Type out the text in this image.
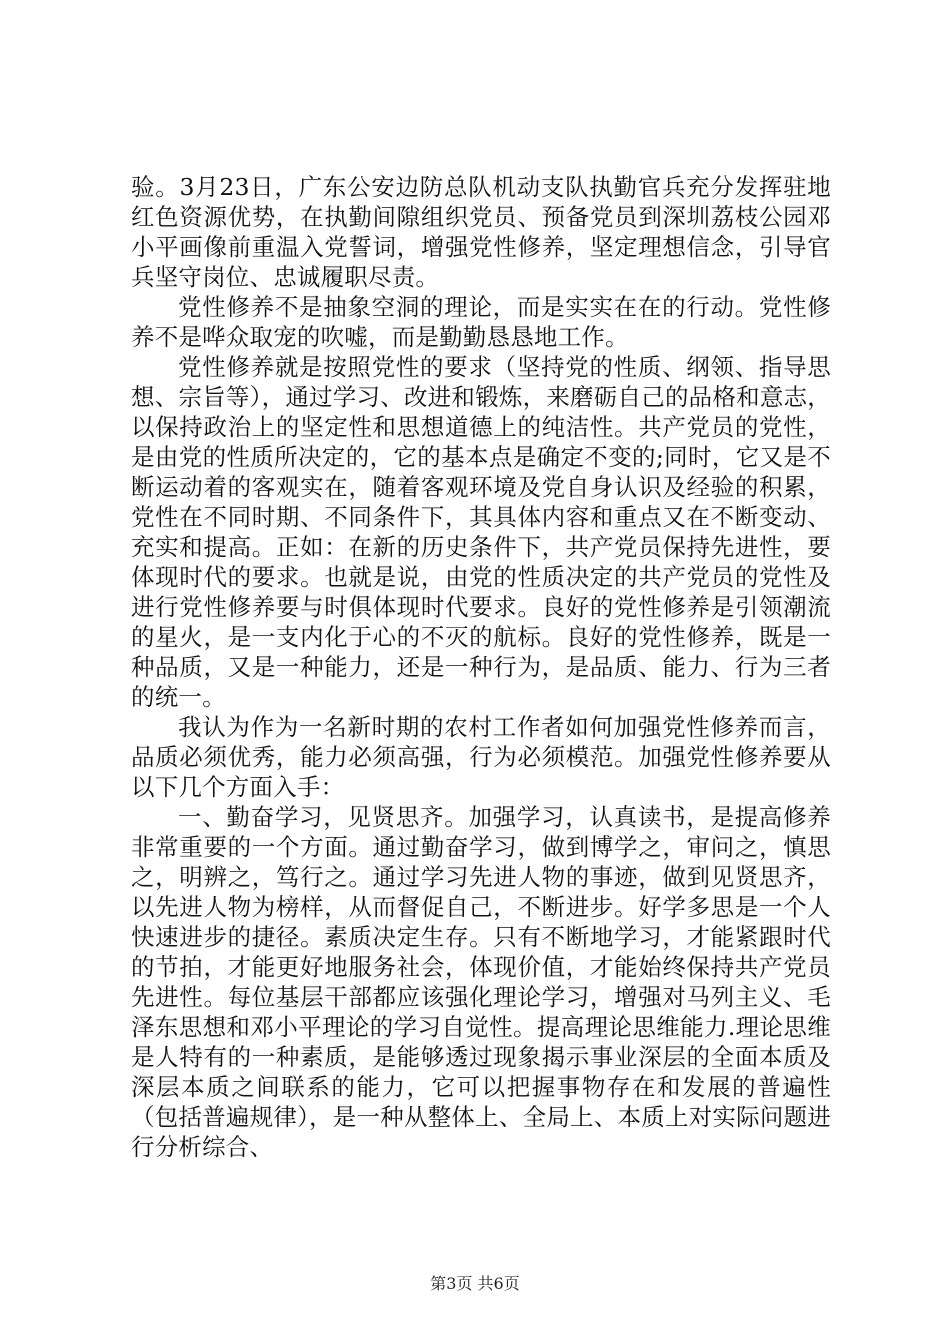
验。3月23日，广东公安边防总队机动支队执勤官兵充分发挥驻地红色资源优势，在执勤间隙组织党员、预备党员到深圳荔枝公园邓小平画像前重温入党誓词，增强党性修养，坚定理想信念，引导官兵坚守岗位、忠诚履职尽责。

党性修养不是抽象空洞的理论，而是实实在在的行动。党性修养不是哗众取宠的吹嘘，而是勤勤恳恳地工作。

党性修养就是按照党性的要求（坚持党的性质、纲领、指导思想、宗旨等），通过学习、改进和锻炼，来磨砺自己的品格和意志，以保持政治上的坚定性和思想道德上的纯洁性。共产党员的党性，是由党的性质所决定的，它的基本点是确定不变的;同时，它又是不断运动着的客观实在，随着客观环境及党自身认识及经验的积累，党性在不同时期、不同条件下，其具体内容和重点又在不断变动、充实和提高。正如：在新的历史条件下，共产党员保持先进性，要体现时代的要求。也就是说，由党的性质决定的共产党员的党性及进行党性修养要与时俱体现时代要求。良好的党性修养是引领潮流的星火，是一支内化于心的不灭的航标。良好的党性修养，既是一种品质，又是一种能力，还是一种行为，是品质、能力、行为三者的统一。

我认为作为一名新时期的农村工作者如何加强党性修养而言，品质必须优秀，能力必须高强，行为必须模范。加强党性修养要从以下几个方面入手：

一、勤奋学习，见贤思齐。加强学习，认真读书，是提高修养非常重要的一个方面。通过勤奋学习，做到博学之，审问之，慎思之，明辨之，笃行之。通过学习先进人物的事迹，做到见贤思齐，以先进人物为榜样，从而督促自己，不断进步。好学多思是一个人快速进步的捷径。素质决定生存。只有不断地学习，才能紧跟时代的节拍，才能更好地服务社会，体现价值，才能始终保持共产党员先进性。每位基层干部都应该强化理论学习，增强对马列主义、毛泽东思想和邓小平理论的学习自觉性。提高理论思维能力.理论思维是人特有的一种素质，是能够透过现象揭示事业深层的全面本质及深层本质之间联系的能力，它可以把握事物存在和发展的普遍性（包括普遍规律），是一种从整体上、全局上、本质上对实际问题进行分析综合、

第3页 共6页
